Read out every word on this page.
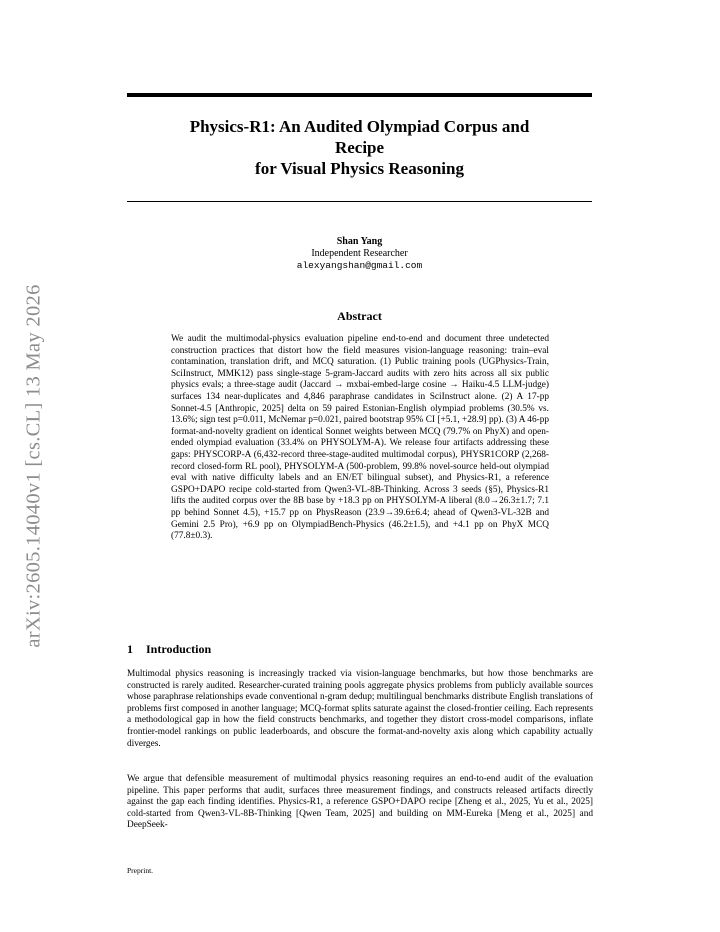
arXiv:2605.14040v1 [cs.CL] 13 May 2026
Physics-R1: An Audited Olympiad Corpus and
Recipe
for Visual Physics Reasoning
Shan Yang
Independent Researcher
alexyangshan@gmail.com
Abstract
We audit the multimodal-physics evaluation pipeline end-to-end and document three undetected construction practices that distort how the field measures vision-language reasoning: train–eval contamination, translation drift, and MCQ saturation. (1) Public training pools (UGPhysics-Train, SciInstruct, MMK12) pass single-stage 5-gram-Jaccard audits with zero hits across all six public physics evals; a three-stage audit (Jaccard → mxbai-embed-large cosine → Haiku-4.5 LLM-judge) surfaces 134 near-duplicates and 4,846 paraphrase candidates in SciInstruct alone. (2) A 17-pp Sonnet-4.5 [Anthropic, 2025] delta on 59 paired Estonian-English olympiad problems (30.5% vs. 13.6%; sign test p=0.011, McNemar p=0.021, paired bootstrap 95% CI [+5.1, +28.9] pp). (3) A 46-pp format-and-novelty gradient on identical Sonnet weights between MCQ (79.7% on PhyX) and open-ended olympiad evaluation (33.4% on PHYSOLYM-A). We release four artifacts addressing these gaps: PHYSCORP-A (6,432-record three-stage-audited multimodal corpus), PHYSR1CORP (2,268-record closed-form RL pool), PHYSOLYM-A (500-problem, 99.8% novel-source held-out olympiad eval with native difficulty labels and an EN/ET bilingual subset), and Physics-R1, a reference GSPO+DAPO recipe cold-started from Qwen3-VL-8B-Thinking. Across 3 seeds (§5), Physics-R1 lifts the audited corpus over the 8B base by +18.3 pp on PHYSOLYM-A liberal (8.0→26.3±1.7; 7.1 pp behind Sonnet 4.5), +15.7 pp on PhysReason (23.9→39.6±6.4; ahead of Qwen3-VL-32B and Gemini 2.5 Pro), +6.9 pp on OlympiadBench-Physics (46.2±1.5), and +4.1 pp on PhyX MCQ (77.8±0.3).
1 Introduction

Multimodal physics reasoning is increasingly tracked via vision-language benchmarks, but how those benchmarks are constructed is rarely audited. Researcher-curated training pools aggregate physics problems from publicly available sources whose paraphrase relationships evade conventional n-gram dedup; multilingual benchmarks distribute English translations of problems first composed in another language; MCQ-format splits saturate against the closed-frontier ceiling. Each represents a methodological gap in how the field constructs benchmarks, and together they distort cross-model comparisons, inflate frontier-model rankings on public leaderboards, and obscure the format-and-novelty axis along which capability actually diverges.

We argue that defensible measurement of multimodal physics reasoning requires an end-to-end audit of the evaluation pipeline. This paper performs that audit, surfaces three measurement findings, and constructs released artifacts directly against the gap each finding identifies. Physics-R1, a reference GSPO+DAPO recipe [Zheng et al., 2025, Yu et al., 2025] cold-started from Qwen3-VL-8B-Thinking [Qwen Team, 2025] and building on MM-Eureka [Meng et al., 2025] and DeepSeek-

Preprint.
